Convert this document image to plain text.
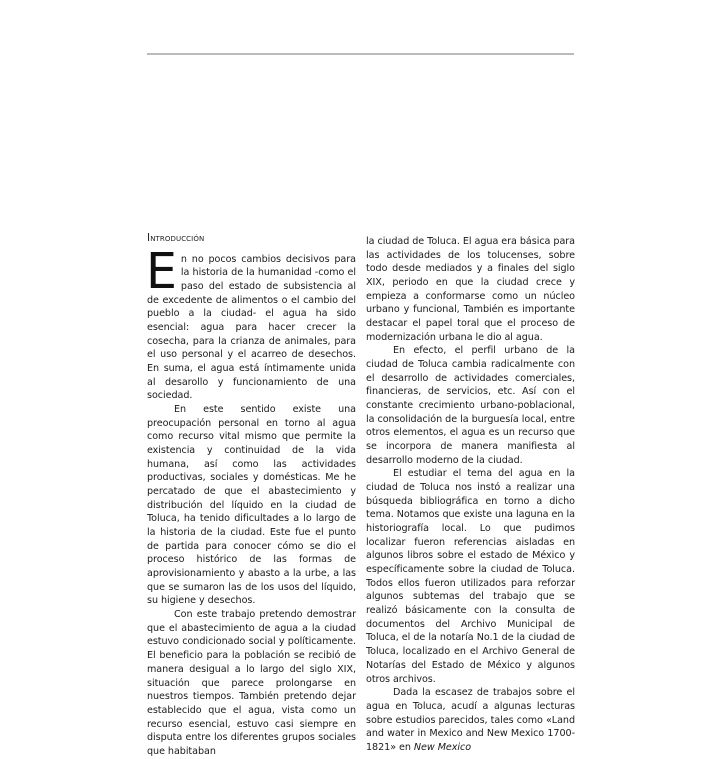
Introducción

En no pocos cambios decisivos para la historia de la humanidad -como el paso del estado de subsistencia al de excedente de alimentos o el cambio del pueblo a la ciudad- el agua ha sido esencial: agua para hacer crecer la cosecha, para la crianza de animales, para el uso personal y el acarreo de desechos. En suma, el agua está íntimamente unida al desarollo y funcionamiento de una sociedad.

En este sentido existe una preocupación personal en torno al agua como recurso vital mismo que permite la existencia y continuidad de la vida humana, así como las actividades productivas, sociales y domésticas. Me he percatado de que el abastecimiento y distribución del líquido en la ciudad de Toluca, ha tenido dificultades a lo largo de la historia de la ciudad. Este fue el punto de partida para conocer cómo se dio el proceso histórico de las formas de aprovisionamiento y abasto a la urbe, a las que se sumaron las de los usos del líquido, su higiene y desechos.

Con este trabajo pretendo demostrar que el abastecimiento de agua a la ciudad estuvo condicionado social y políticamente. El beneficio para la población se recibió de manera desigual a lo largo del siglo XIX, situación que parece prolongarse en nuestros tiempos. También pretendo dejar establecido que el agua, vista como un recurso esencial, estuvo casi siempre en disputa entre los diferentes grupos sociales que habitaban

la ciudad de Toluca. El agua era básica para las actividades de los tolucenses, sobre todo desde mediados y a finales del siglo XIX, periodo en que la ciudad crece y empieza a conformarse como un núcleo urbano y funcional, También es importante destacar el papel toral que el proceso de modernización urbana le dio al agua.

En efecto, el perfil urbano de la ciudad de Toluca cambia radicalmente con el desarrollo de actividades comerciales, financieras, de servicios, etc. Así con el constante crecimiento urbano-poblacional, la consolidación de la burguesía local, entre otros elementos, el agua es un recurso que se incorpora de manera manifiesta al desarrollo moderno de la ciudad.

El estudiar el tema del agua en la ciudad de Toluca nos instó a realizar una búsqueda bibliográfica en torno a dicho tema. Notamos que existe una laguna en la historiografía local. Lo que pudimos localizar fueron referencias aisladas en algunos libros sobre el estado de México y específicamente sobre la ciudad de Toluca. Todos ellos fueron utilizados para reforzar algunos subtemas del trabajo que se realizó básicamente con la consulta de documentos del Archivo Municipal de Toluca, el de la notaría No.1 de la ciudad de Toluca, localizado en el Archivo General de Notarías del Estado de México y algunos otros archivos.

Dada la escasez de trabajos sobre el agua en Toluca, acudí a algunas lecturas sobre estudios parecidos, tales como «Land and water in Mexico and New Mexico 1700-1821» en New Mexico
